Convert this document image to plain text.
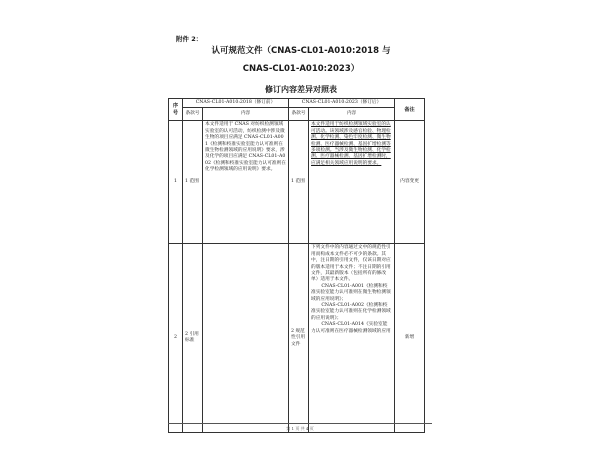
附件 2：
认可规范文件（CNAS-CL01-A010:2018 与
CNAS-CL01-A010:2023）
修订内容差异对照表
序号	CNAS-CL01-A010:2018（修订前）		CNAS-CL01-A010:2023（修订后）		备注
	条款号	内容	条款号	内容	
1	1 范围	本文件适用于 CNAS 对纺织检测领域实验室的认可活动，纺织检测中涉及微生物的项目应满足 CNAS-CL01-A001《检测和校准实验室能力认可准则在微生物检测领域的应用说明》要求，涉及化学的项目应满足 CNAS-CL01-A002《检测和校准实验室能力认可准则在化学检测领域的应用说明》要求。	1 范围	本文件适用于纺织检测领域实验室的认可活动。该领域涉及感官检验、物理检测、化学检测、染色牢度检测、微生物检测、医疗器械检测、基因扩增检测等多项检测。当涉及微生物检测、化学检测、医疗器械检测、基因扩增检测时，应满足相关领域应用说明的要求。	内容变更
2	2 引用标准		2 规范性引用文件	下列文件中的内容通过文中的规范性引用而构成本文件必不可少的条款。其中，注日期的引用文件，仅该日期对应的版本适用于本文件；不注日期的引用文件，其最新版本（包括所有的修改单）适用于本文件。
CNAS-CL01-A001《检测和校准实验室能力认可准则在微生物检测领域的应用说明》；
CNAS-CL01-A002《检测和校准实验室能力认可准则在化学检测领域的应用说明》；
CNAS-CL01-A014《实验室能力认可准则在医疗器械检测领域的应用	新增
第 1 页 共 4 页
